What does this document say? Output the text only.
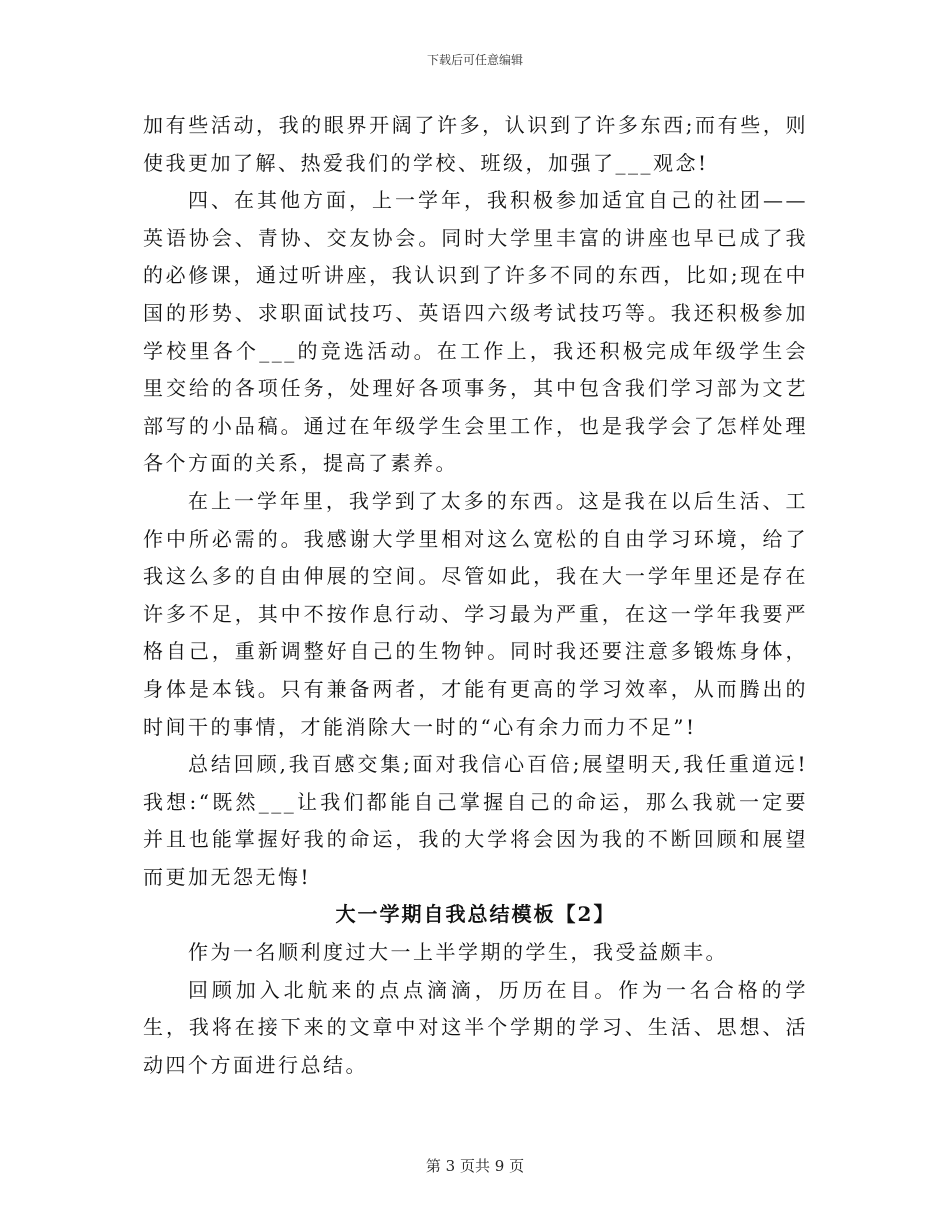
下载后可任意编辑

加有些活动，我的眼界开阔了许多，认识到了许多东西;而有些，则使我更加了解、热爱我们的学校、班级，加强了___观念!

四、在其他方面，上一学年，我积极参加适宜自己的社团——英语协会、青协、交友协会。同时大学里丰富的讲座也早已成了我的必修课，通过听讲座，我认识到了许多不同的东西，比如;现在中国的形势、求职面试技巧、英语四六级考试技巧等。我还积极参加学校里各个___的竞选活动。在工作上，我还积极完成年级学生会里交给的各项任务，处理好各项事务，其中包含我们学习部为文艺部写的小品稿。通过在年级学生会里工作，也是我学会了怎样处理各个方面的关系，提高了素养。

在上一学年里，我学到了太多的东西。这是我在以后生活、工作中所必需的。我感谢大学里相对这么宽松的自由学习环境，给了我这么多的自由伸展的空间。尽管如此，我在大一学年里还是存在许多不足，其中不按作息行动、学习最为严重，在这一学年我要严格自己，重新调整好自己的生物钟。同时我还要注意多锻炼身体，身体是本钱。只有兼备两者，才能有更高的学习效率，从而腾出的时间干的事情，才能消除大一时的“心有余力而力不足”!

总结回顾,我百感交集;面对我信心百倍;展望明天,我任重道远!我想:“既然___让我们都能自己掌握自己的命运，那么我就一定要并且也能掌握好我的命运，我的大学将会因为我的不断回顾和展望而更加无怨无悔!

大一学期自我总结模板【2】

作为一名顺利度过大一上半学期的学生，我受益颇丰。

回顾加入北航来的点点滴滴，历历在目。作为一名合格的学生，我将在接下来的文章中对这半个学期的学习、生活、思想、活动四个方面进行总结。

第 3 页共 9 页
